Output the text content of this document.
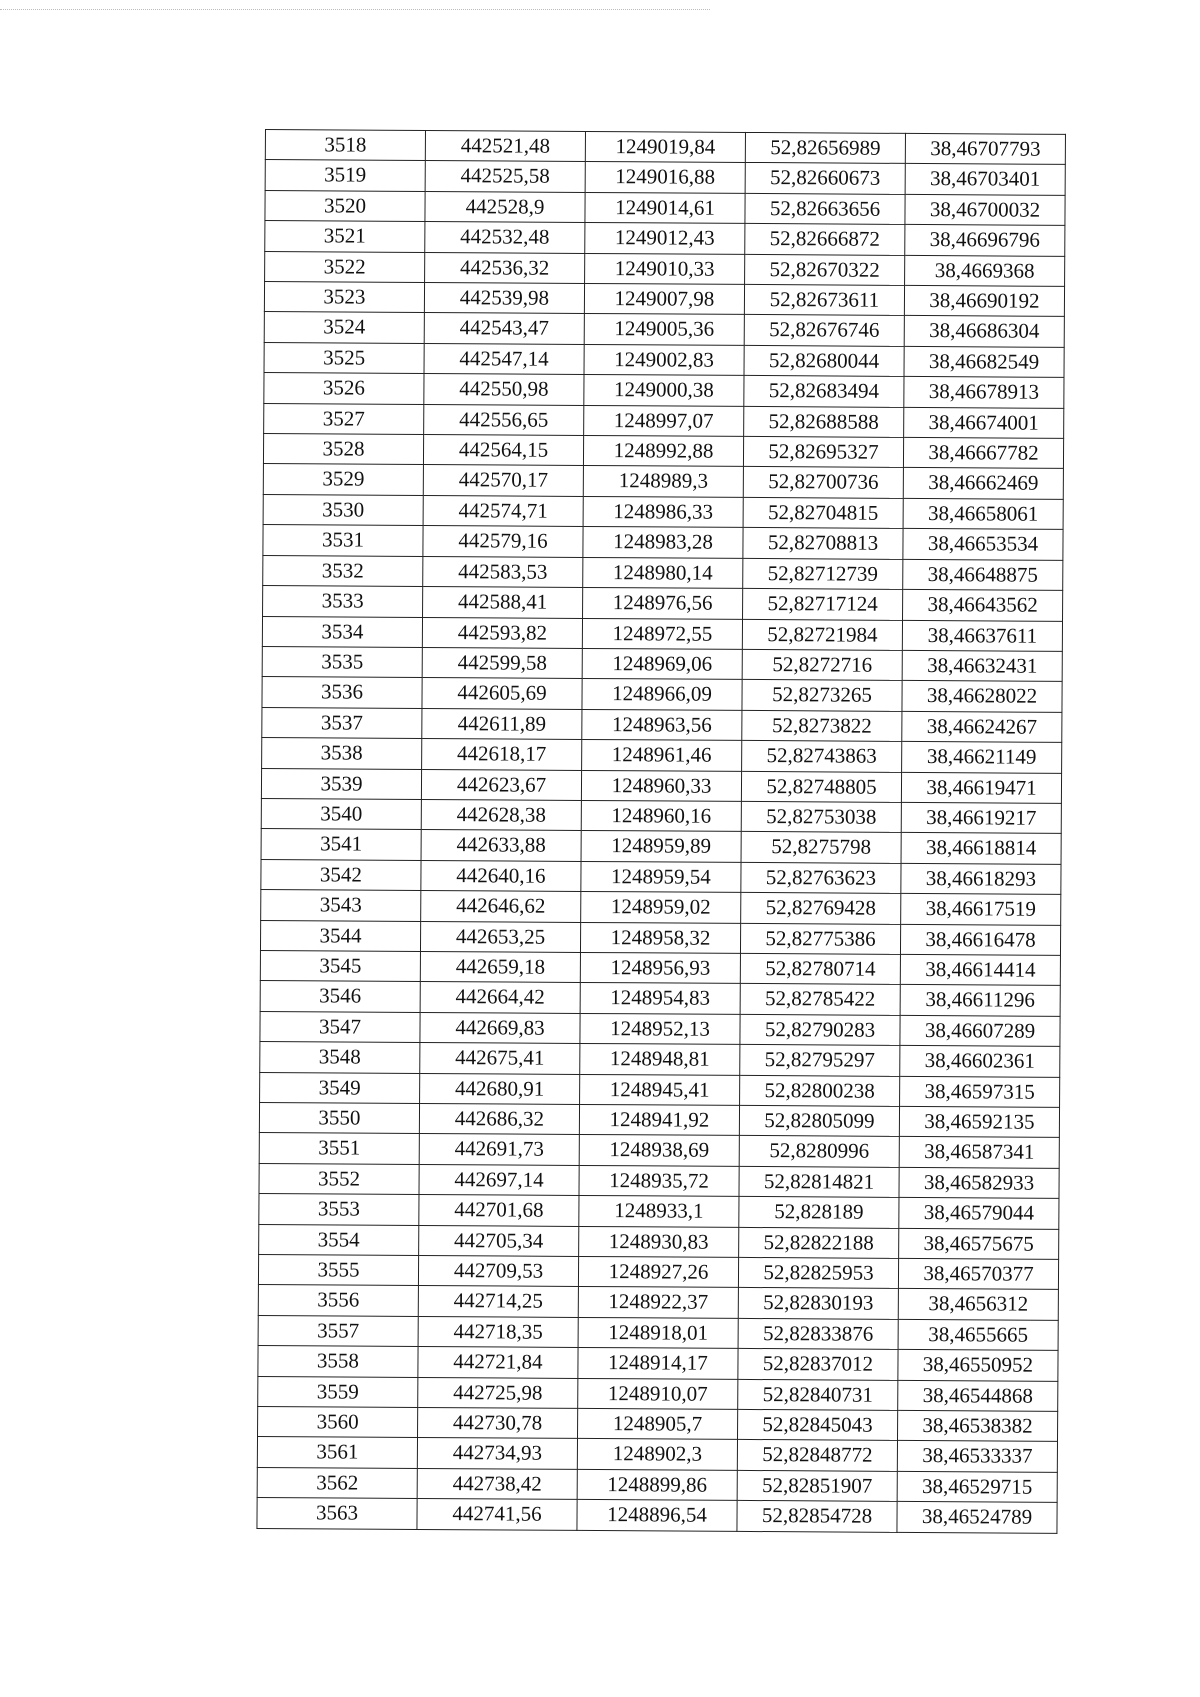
3518	442521,48	1249019,84	52,82656989	38,46707793
3519	442525,58	1249016,88	52,82660673	38,46703401
3520	442528,9	1249014,61	52,82663656	38,46700032
3521	442532,48	1249012,43	52,82666872	38,46696796
3522	442536,32	1249010,33	52,82670322	38,4669368
3523	442539,98	1249007,98	52,82673611	38,46690192
3524	442543,47	1249005,36	52,82676746	38,46686304
3525	442547,14	1249002,83	52,82680044	38,46682549
3526	442550,98	1249000,38	52,82683494	38,46678913
3527	442556,65	1248997,07	52,82688588	38,46674001
3528	442564,15	1248992,88	52,82695327	38,46667782
3529	442570,17	1248989,3	52,82700736	38,46662469
3530	442574,71	1248986,33	52,82704815	38,46658061
3531	442579,16	1248983,28	52,82708813	38,46653534
3532	442583,53	1248980,14	52,82712739	38,46648875
3533	442588,41	1248976,56	52,82717124	38,46643562
3534	442593,82	1248972,55	52,82721984	38,46637611
3535	442599,58	1248969,06	52,8272716	38,46632431
3536	442605,69	1248966,09	52,8273265	38,46628022
3537	442611,89	1248963,56	52,8273822	38,46624267
3538	442618,17	1248961,46	52,82743863	38,46621149
3539	442623,67	1248960,33	52,82748805	38,46619471
3540	442628,38	1248960,16	52,82753038	38,46619217
3541	442633,88	1248959,89	52,8275798	38,46618814
3542	442640,16	1248959,54	52,82763623	38,46618293
3543	442646,62	1248959,02	52,82769428	38,46617519
3544	442653,25	1248958,32	52,82775386	38,46616478
3545	442659,18	1248956,93	52,82780714	38,46614414
3546	442664,42	1248954,83	52,82785422	38,46611296
3547	442669,83	1248952,13	52,82790283	38,46607289
3548	442675,41	1248948,81	52,82795297	38,46602361
3549	442680,91	1248945,41	52,82800238	38,46597315
3550	442686,32	1248941,92	52,82805099	38,46592135
3551	442691,73	1248938,69	52,8280996	38,46587341
3552	442697,14	1248935,72	52,82814821	38,46582933
3553	442701,68	1248933,1	52,828189	38,46579044
3554	442705,34	1248930,83	52,82822188	38,46575675
3555	442709,53	1248927,26	52,82825953	38,46570377
3556	442714,25	1248922,37	52,82830193	38,4656312
3557	442718,35	1248918,01	52,82833876	38,4655665
3558	442721,84	1248914,17	52,82837012	38,46550952
3559	442725,98	1248910,07	52,82840731	38,46544868
3560	442730,78	1248905,7	52,82845043	38,46538382
3561	442734,93	1248902,3	52,82848772	38,46533337
3562	442738,42	1248899,86	52,82851907	38,46529715
3563	442741,56	1248896,54	52,82854728	38,46524789
